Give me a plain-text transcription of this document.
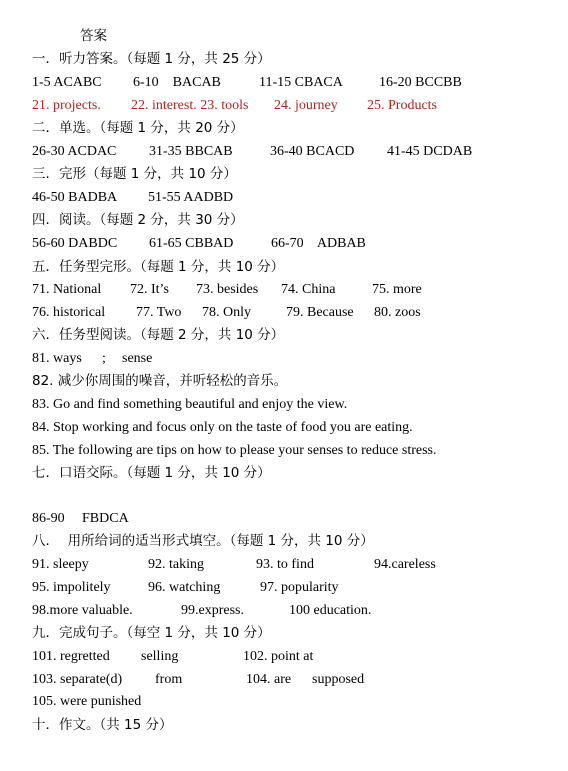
答案
一．听力答案。（每题 1 分，共 25 分）
1-5 ACABC 6-10    BACAB	11-15 CBACA	16-20 BCCBB
21. projects. 22. interest. 23. tools 24. journey 25. Products
二．单选。（每题 1 分，共 20 分）
26-30 ACDAC 31-35 BBCAB	36-40 BCACD 41-45 DCDAB
三．完形（每题 1 分，共 10 分）
46-50 BADBA 51-55 AADBD
四．阅读。（每题 2 分，共 30 分）
56-60 DABDC 61-65 CBBAD	66-70    ADBAB
五．任务型完形。（每题 1 分，共 10 分）
71. National 72. It’s 73. besides 74. China	75. more
76. historical 77. Two 78. Only	79. Because 80. zoos
六．任务型阅读。（每题 2 分，共 10 分）
81. ways ; sense
82. 减少你周围的噪音，并听轻松的音乐。
83. Go and find something beautiful and enjoy the view.
84. Stop working and focus only on the taste of food you are eating.
85. The following are tips on how to please your senses to reduce stress.
七．口语交际。（每题 1 分，共 10 分）
86-90 FBDCA
八．  用所给词的适当形式填空。（每题 1 分，共 10 分）
91. sleepy	92. taking	93. to find	94.careless
95. impolitely	96. watching	97. popularity
98.more valuable.	99.express.	100 education.
九．完成句子。（每空 1 分，共 10 分）
101. regretted selling	102. point at
103. separate(d) from	104. are supposed
105. were punished
十．作文。（共 15 分）
